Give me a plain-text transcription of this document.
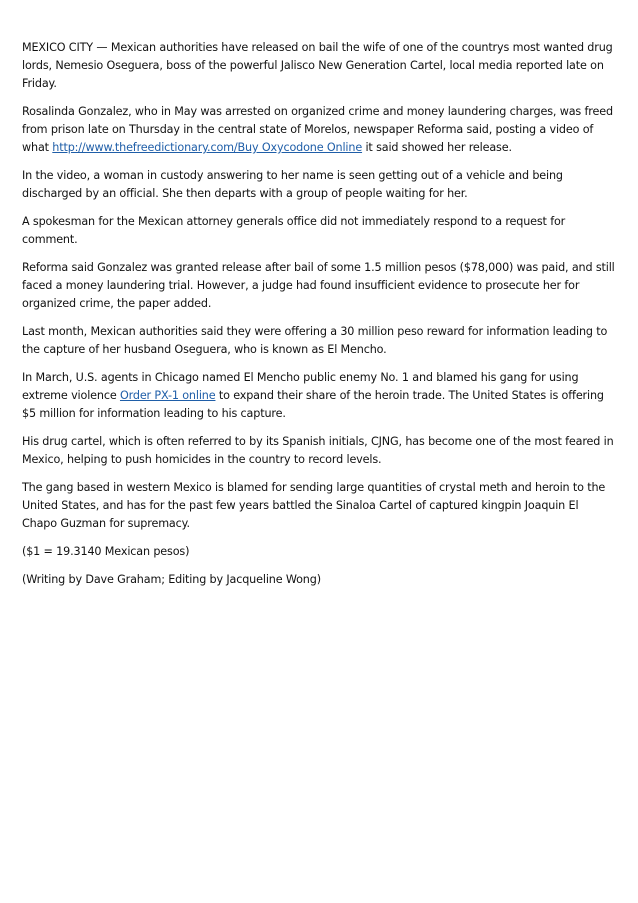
MEXICO CITY — Mexican authorities have released on bail the wife of one of the countrys most wanted drug lords, Nemesio Oseguera, boss of the powerful Jalisco New Generation Cartel, local media reported late on Friday.

Rosalinda Gonzalez, who in May was arrested on organized crime and money laundering charges, was freed from prison late on Thursday in the central state of Morelos, newspaper Reforma said, posting a video of what http://www.thefreedictionary.com/Buy Oxycodone Online it said showed her release.

In the video, a woman in custody answering to her name is seen getting out of a vehicle and being discharged by an official. She then departs with a group of people waiting for her.

A spokesman for the Mexican attorney generals office did not immediately respond to a request for comment.

Reforma said Gonzalez was granted release after bail of some 1.5 million pesos ($78,000) was paid, and still faced a money laundering trial. However, a judge had found insufficient evidence to prosecute her for organized crime, the paper added.

Last month, Mexican authorities said they were offering a 30 million peso reward for information leading to the capture of her husband Oseguera, who is known as El Mencho.

In March, U.S. agents in Chicago named El Mencho public enemy No. 1 and blamed his gang for using extreme violence Order PX-1 online to expand their share of the heroin trade. The United States is offering $5 million for information leading to his capture.

His drug cartel, which is often referred to by its Spanish initials, CJNG, has become one of the most feared in Mexico, helping to push homicides in the country to record levels.

The gang based in western Mexico is blamed for sending large quantities of crystal meth and heroin to the United States, and has for the past few years battled the Sinaloa Cartel of captured kingpin Joaquin El Chapo Guzman for supremacy.

($1 = 19.3140 Mexican pesos)

(Writing by Dave Graham; Editing by Jacqueline Wong)
